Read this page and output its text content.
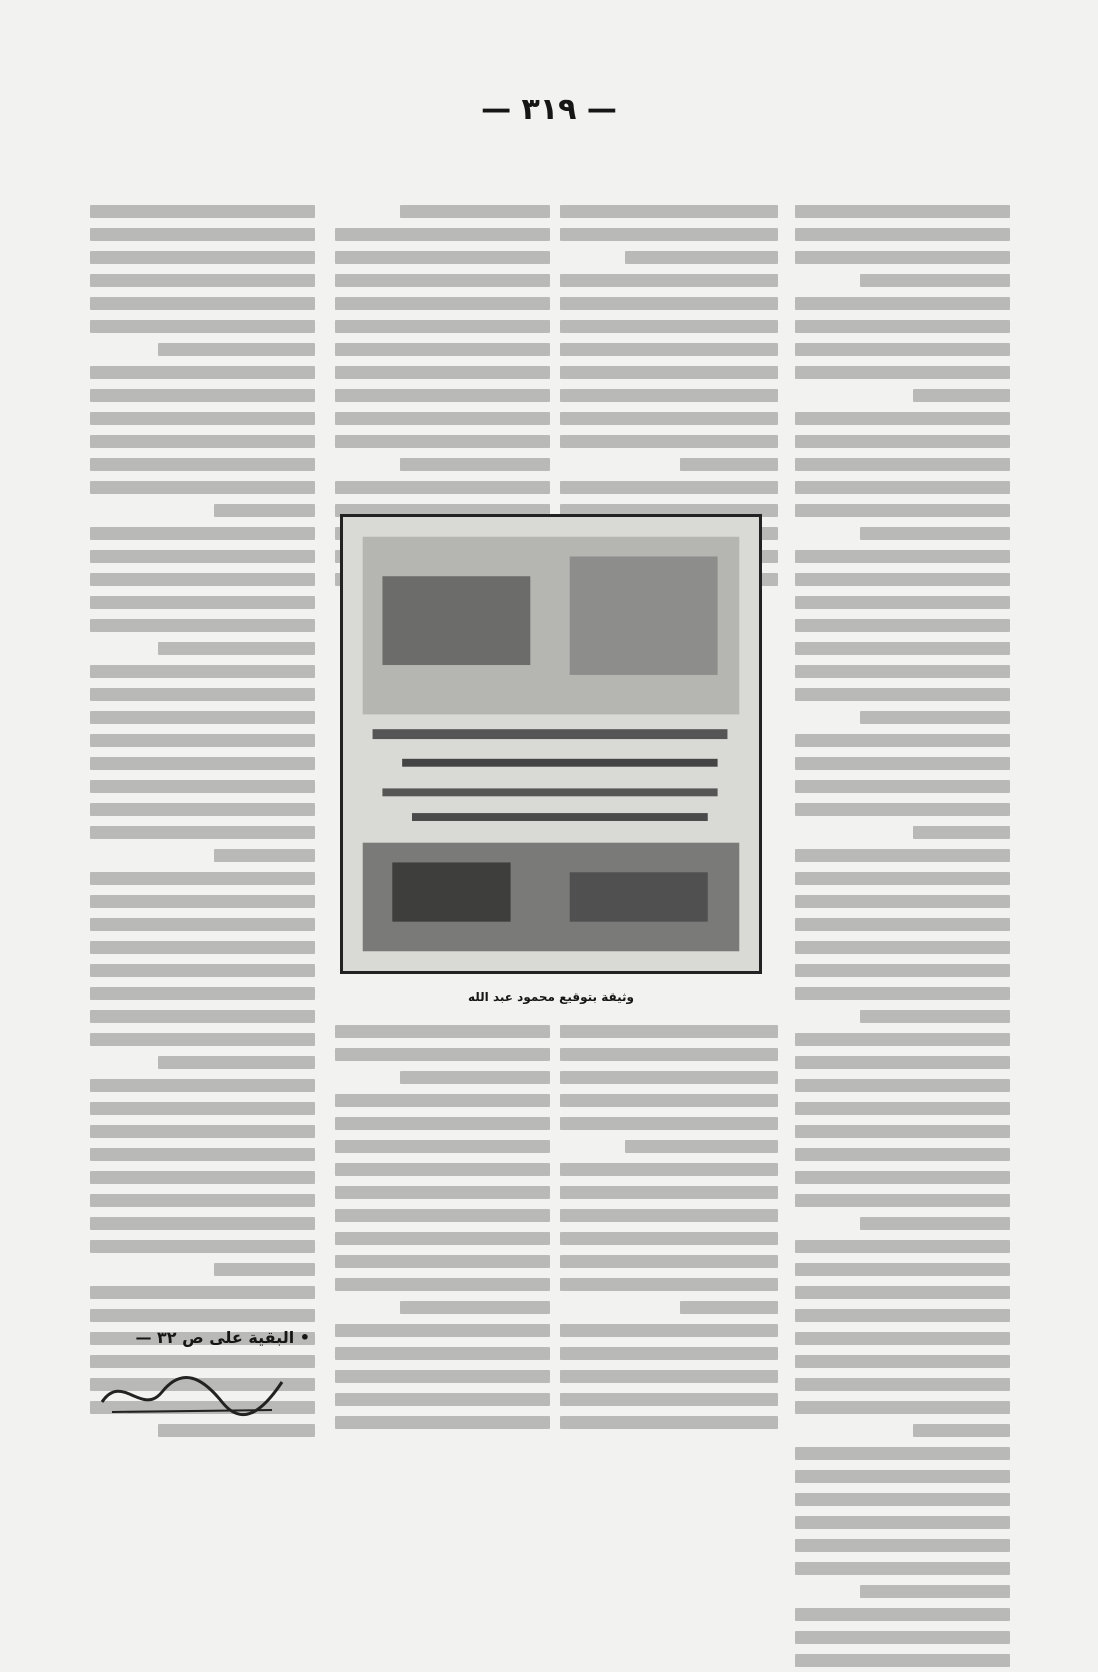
— ٣١٩ —

وثيقة بتوقيع محمود عبد الله

• البقية على ص ٣٢ —
